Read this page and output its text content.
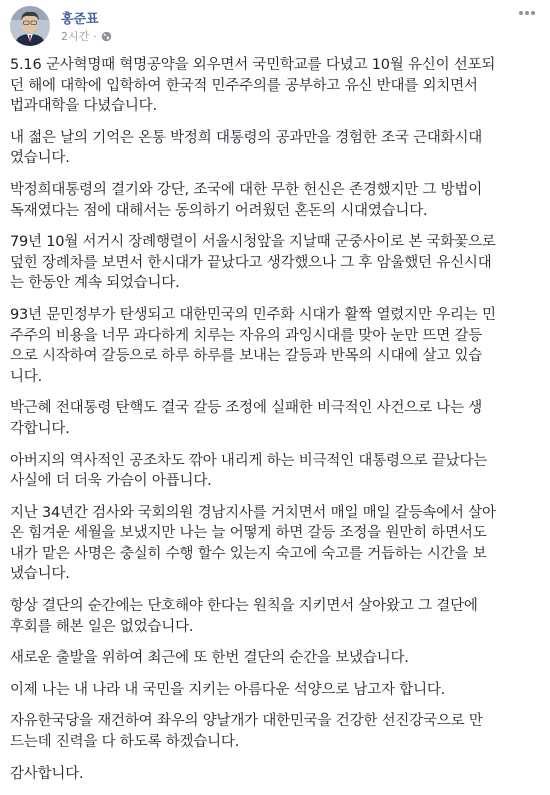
홍준표
2시간 ·

5.16 군사혁명때 혁명공약을 외우면서 국민학교를 다녔고 10월 유신이 선포되
던 해에 대학에 입학하여 한국적 민주주의를 공부하고 유신 반대를 외치면서
법과대학을 다녔습니다.

내 젊은 날의 기억은 온통 박정희 대통령의 공과만을 경험한 조국 근대화시대
였습니다.

박정희대통령의 결기와 강단, 조국에 대한 무한 헌신은 존경했지만 그 방법이
독재였다는 점에 대해서는 동의하기 어려웠던 혼돈의 시대였습니다.

79년 10월 서거시 장례행렬이 서울시청앞을 지날때 군중사이로 본 국화꽃으로
덮힌 장례차를 보면서 한시대가 끝났다고 생각했으나 그 후 암울했던 유신시대
는 한동안 계속 되었습니다.

93년 문민정부가 탄생되고 대한민국의 민주화 시대가 활짝 열렸지만 우리는 민
주주의 비용을 너무 과다하게 치루는 자유의 과잉시대를 맞아 눈만 뜨면 갈등
으로 시작하여 갈등으로 하루 하루를 보내는 갈등과 반목의 시대에 살고 있습
니다.

박근혜 전대통령 탄핵도 결국 갈등 조정에 실패한 비극적인 사건으로 나는 생
각합니다.

아버지의 역사적인 공조차도 깎아 내리게 하는 비극적인 대통령으로 끝났다는
사실에 더 더욱 가슴이 아픕니다.

지난 34년간 검사와 국회의원 경남지사를 거치면서 매일 매일 갈등속에서 살아
온 힘겨운 세월을 보냈지만 나는 늘 어떻게 하면 갈등 조정을 원만히 하면서도
내가 맡은 사명은 충실히 수행 할수 있는지 숙고에 숙고를 거듭하는 시간을 보
냈습니다.

항상 결단의 순간에는 단호해야 한다는 원칙을 지키면서 살아왔고 그 결단에
후회를 해본 일은 없었습니다.

새로운 출발을 위하여 최근에 또 한번 결단의 순간을 보냈습니다.

이제 나는 내 나라 내 국민을 지키는 아름다운 석양으로 남고자 합니다.

자유한국당을 재건하여 좌우의 양날개가 대한민국을 건강한 선진강국으로 만
드는데 진력을 다 하도록 하겠습니다.

감사합니다.
